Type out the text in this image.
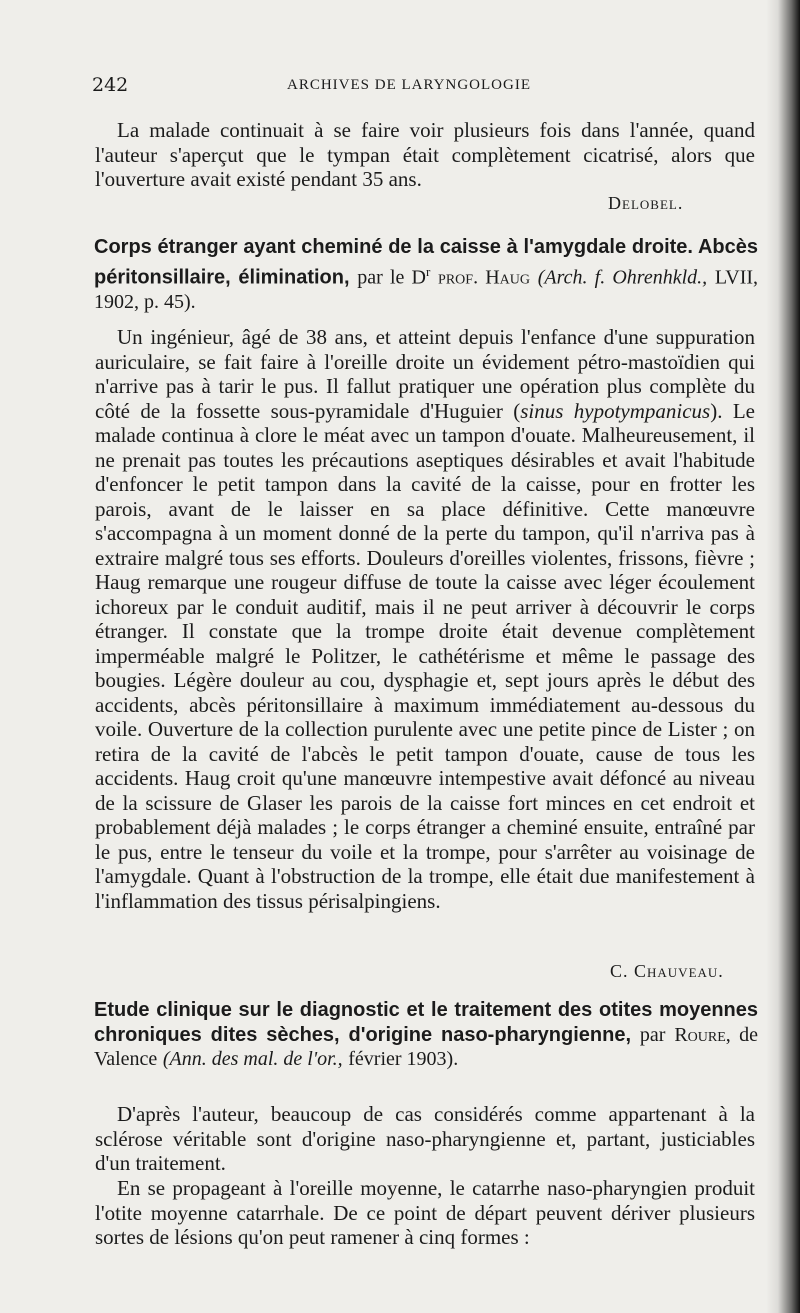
242	ARCHIVES DE LARYNGOLOGIE

La malade continuait à se faire voir plusieurs fois dans l'année, quand l'auteur s'aperçut que le tympan était complètement cicatrisé, alors que l'ouverture avait existé pendant 35 ans.

Delobel.
Corps étranger ayant cheminé de la caisse à l'amygdale droite. Abcès péritonsillaire, élimination, par le $D^r$ prof. Haug (Arch. f. Ohrenhkld., LVII, 1902, p. 45).

Un ingénieur, âgé de 38 ans, et atteint depuis l'enfance d'une suppuration auriculaire, se fait faire à l'oreille droite un évidement pétro-mastoïdien qui n'arrive pas à tarir le pus. Il fallut pratiquer une opération plus complète du côté de la fossette sous-pyramidale d'Huguier (sinus hypotympanicus). Le malade continua à clore le méat avec un tampon d'ouate. Malheureusement, il ne prenait pas toutes les précautions aseptiques désirables et avait l'habitude d'enfoncer le petit tampon dans la cavité de la caisse, pour en frotter les parois, avant de le laisser en sa place définitive. Cette manœuvre s'accompagna à un moment donné de la perte du tampon, qu'il n'arriva pas à extraire malgré tous ses efforts. Douleurs d'oreilles violentes, frissons, fièvre ; Haug remarque une rougeur diffuse de toute la caisse avec léger écoulement ichoreux par le conduit auditif, mais il ne peut arriver à découvrir le corps étranger. Il constate que la trompe droite était devenue complètement imperméable malgré le Politzer, le cathétérisme et même le passage des bougies. Légère douleur au cou, dysphagie et, sept jours après le début des accidents, abcès péritonsillaire à maximum immédiatement au-dessous du voile. Ouverture de la collection purulente avec une petite pince de Lister ; on retira de la cavité de l'abcès le petit tampon d'ouate, cause de tous les accidents. Haug croit qu'une manœuvre intempestive avait défoncé au niveau de la scissure de Glaser les parois de la caisse fort minces en cet endroit et probablement déjà malades ; le corps étranger a cheminé ensuite, entraîné par le pus, entre le tenseur du voile et la trompe, pour s'arrêter au voisinage de l'amygdale. Quant à l'obstruction de la trompe, elle était due manifestement à l'inflammation des tissus périsalpingiens.

C. Chauveau.
Etude clinique sur le diagnostic et le traitement des otites moyennes chroniques dites sèches, d'origine naso-pharyngienne, par Roure, de Valence (Ann. des mal. de l'or., février 1903).

D'après l'auteur, beaucoup de cas considérés comme appartenant à la sclérose véritable sont d'origine naso-pharyngienne et, partant, justiciables d'un traitement.

En se propageant à l'oreille moyenne, le catarrhe naso-pharyngien produit l'otite moyenne catarrhale. De ce point de départ peuvent dériver plusieurs sortes de lésions qu'on peut ramener à cinq formes :
